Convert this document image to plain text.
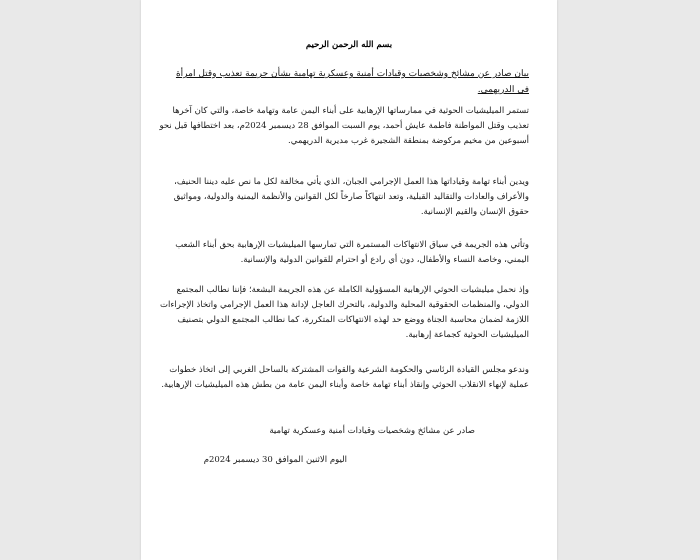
بسم الله الرحمن الرحيم
بيان صادر عن مشائخ وشخصيات وقيادات أمنية وعسكرية تهامية بشأن جريمة تعذيب وقتل امرأة في الدريهمي.
تستمر الميليشيات الحوثية في ممارساتها الإرهابية على أبناء اليمن عامة وتهامة خاصة، والتي كان آخرها تعذيب وقتل المواطنة فاطمة عايش أحمد، يوم السبت الموافق 28 ديسمبر 2024م، بعد اختطافها قبل نحو أسبوعين من مخيم مركوضة بمنطقة الشجيرة غرب مديرية الدريهمي.
ويدين أبناء تهامة وقياداتها هذا العمل الإجرامي الجبان، الذي يأتي مخالفة لكل ما نص عليه ديننا الحنيف، والأعراف والعادات والتقاليد القبلية، وتعد انتهاكاً صارخاً لكل القوانين والأنظمة اليمنية والدولية، ومواثيق حقوق الإنسان والقيم الإنسانية.
وتأتي هذه الجريمة في سياق الانتهاكات المستمرة التي تمارسها الميليشيات الإرهابية بحق أبناء الشعب اليمني، وخاصة النساء والأطفال، دون أي رادع أو احترام للقوانين الدولية والإنسانية.
وإذ نحمل ميليشيات الحوثي الإرهابية المسؤولية الكاملة عن هذه الجريمة البشعة؛ فإننا نطالب المجتمع الدولي، والمنظمات الحقوقية المحلية والدولية، بالتحرك العاجل لإدانة هذا العمل الإجرامي واتخاذ الإجراءات اللازمة لضمان محاسبة الجناة ووضع حد لهذه الانتهاكات المتكررة، كما نطالب المجتمع الدولي بتصنيف الميليشيات الحوثية كجماعة إرهابية.
وندعو مجلس القيادة الرئاسي والحكومة الشرعية والقوات المشتركة بالساحل الغربي إلى اتخاذ خطوات عملية لإنهاء الانقلاب الحوثي وإنقاذ أبناء تهامة خاصة وأبناء اليمن عامة من بطش هذه الميليشيات الإرهابية.
صادر عن مشائخ وشخصيات وقيادات أمنية وعسكرية تهامية
اليوم الاثنين الموافق 30 ديسمبر 2024م
